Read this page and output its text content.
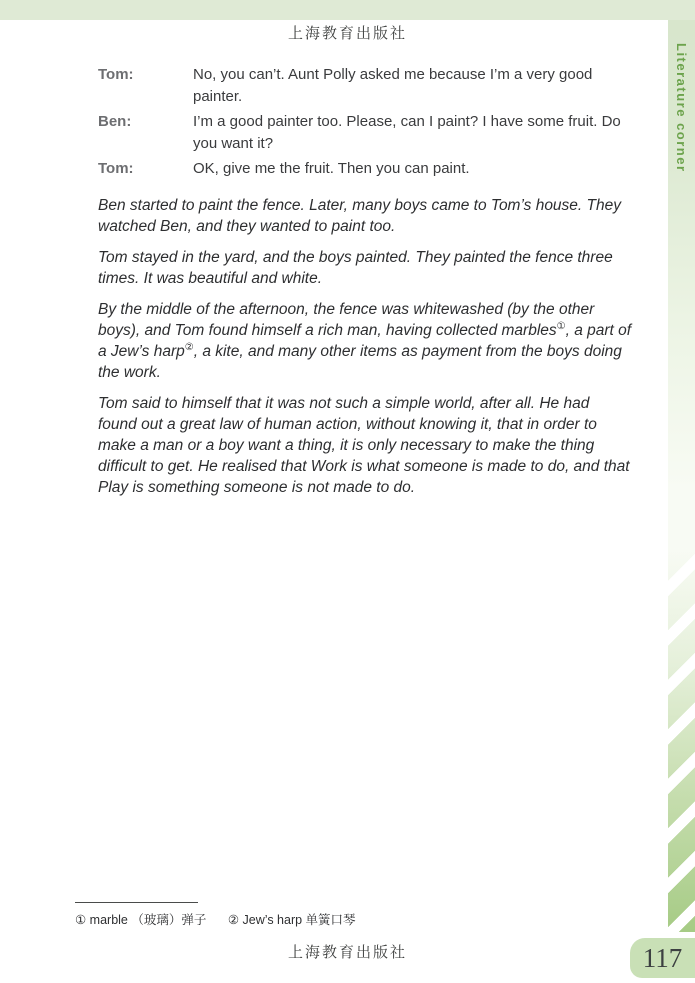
上海教育出版社
Literature corner
Tom:	No, you can’t. Aunt Polly asked me because I’m a very good painter.
Ben:	I’m a good painter too. Please, can I paint? I have some fruit. Do you want it?
Tom:	OK, give me the fruit. Then you can paint.

Ben started to paint the fence. Later, many boys came to Tom’s house. They watched Ben, and they wanted to paint too.

Tom stayed in the yard, and the boys painted. They painted the fence three times. It was beautiful and white.

By the middle of the afternoon, the fence was whitewashed (by the other boys), and Tom found himself a rich man, having collected marbles①, a part of a Jew’s harp②, a kite, and many other items as payment from the boys doing the work.

Tom said to himself that it was not such a simple world, after all. He had found out a great law of human action, without knowing it, that in order to make a man or a boy want a thing, it is only necessary to make the thing difficult to get. He realised that Work is what someone is made to do, and that Play is something someone is not made to do.

① marble （玻璃）弹子 ② Jew’s harp 单簧口琴
上海教育出版社	117
